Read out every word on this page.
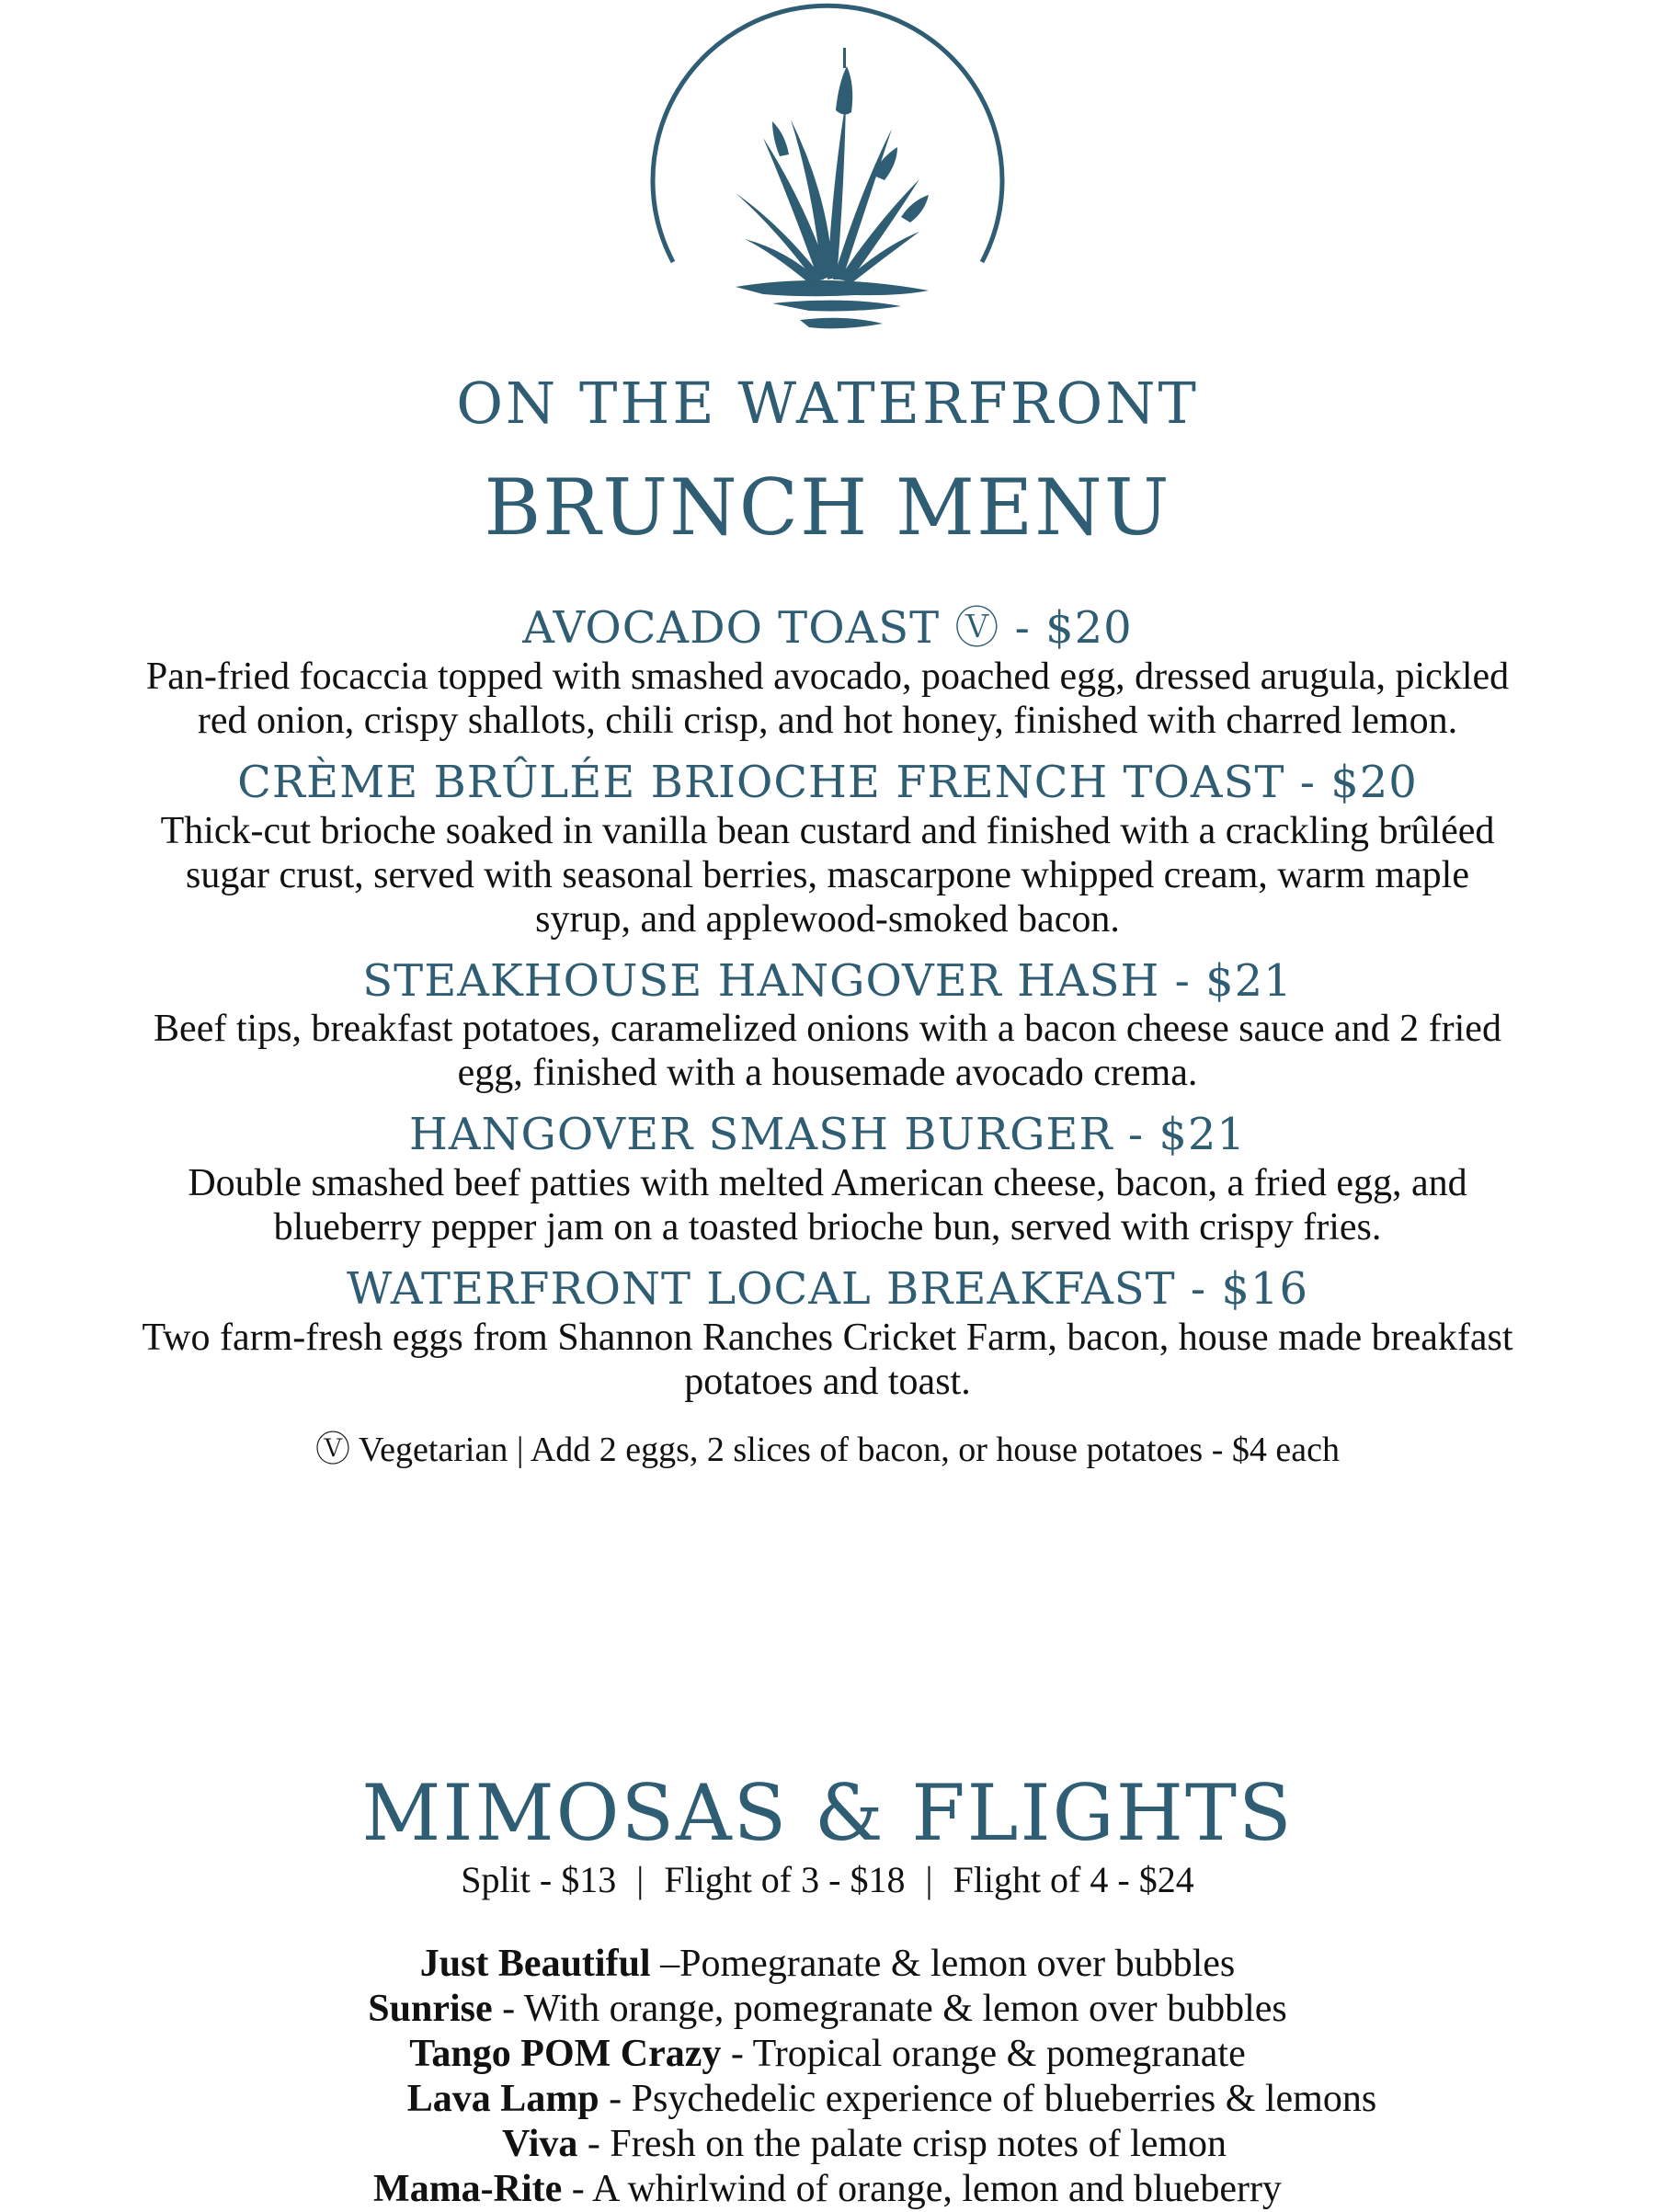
ON THE WATERFRONT
BRUNCH MENU
AVOCADO TOAST Ⓥ - $20
Pan-fried focaccia topped with smashed avocado, poached egg, dressed arugula, pickled red onion, crispy shallots, chili crisp, and hot honey, finished with charred lemon.
CRÈME BRÛLÉE BRIOCHE FRENCH TOAST - $20
Thick-cut brioche soaked in vanilla bean custard and finished with a crackling brûléed sugar crust, served with seasonal berries, mascarpone whipped cream, warm maple syrup, and applewood-smoked bacon.
STEAKHOUSE HANGOVER HASH - $21
Beef tips, breakfast potatoes, caramelized onions with a bacon cheese sauce and 2 fried egg, finished with a housemade avocado crema.
HANGOVER SMASH BURGER - $21
Double smashed beef patties with melted American cheese, bacon, a fried egg, and blueberry pepper jam on a toasted brioche bun, served with crispy fries.
WATERFRONT LOCAL BREAKFAST - $16
Two farm-fresh eggs from Shannon Ranches Cricket Farm, bacon, house made breakfast potatoes and toast.
Ⓥ Vegetarian | Add 2 eggs, 2 slices of bacon, or house potatoes - $4 each
MIMOSAS & FLIGHTS
Split - $13 | Flight of 3 - $18 | Flight of 4 - $24
Just Beautiful –Pomegranate & lemon over bubbles
Sunrise - With orange, pomegranate & lemon over bubbles
Tango POM Crazy - Tropical orange & pomegranate
Lava Lamp - Psychedelic experience of blueberries & lemons
Viva - Fresh on the palate crisp notes of lemon
Mama-Rite - A whirlwind of orange, lemon and blueberry
